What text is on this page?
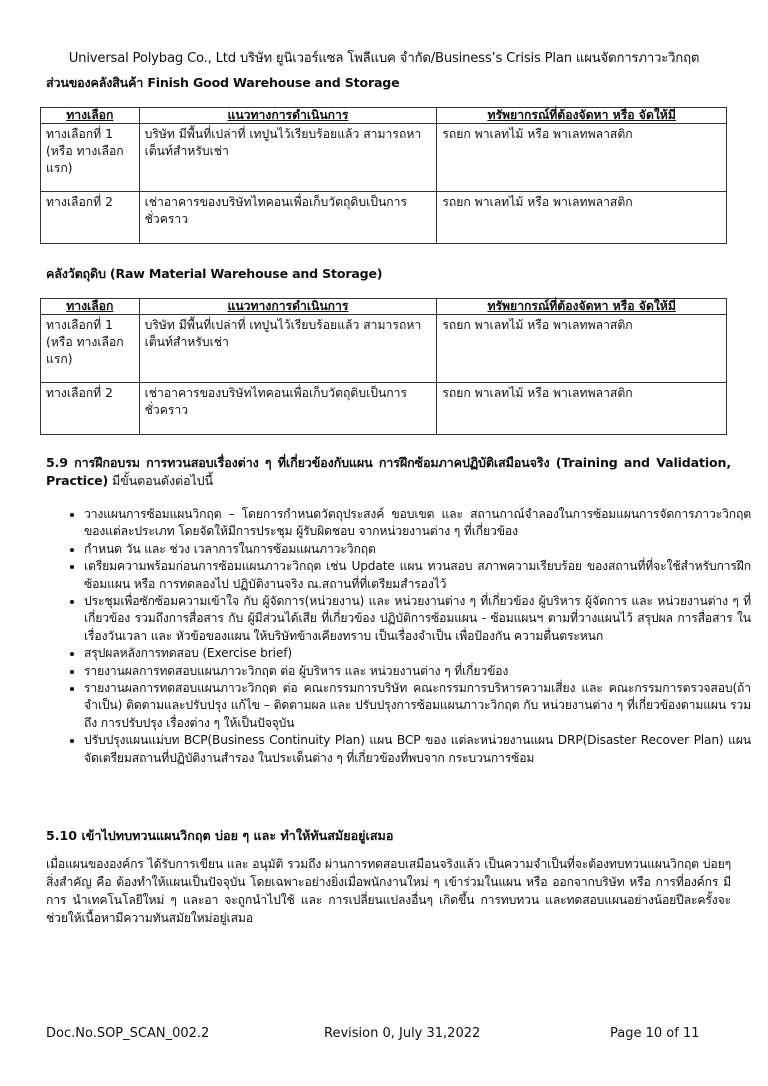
Universal Polybag Co., Ltd บริษัท ยูนิเวอร์แซล โพลีแบค จำกัด/Business’s Crisis Plan แผนจัดการภาวะวิกฤต
ส่วนของคลังสินค้า Finish Good Warehouse and Storage
ทางเลือก	แนวทางการดำเนินการ	ทรัพยากรณ์ที่ต้องจัดหา หรือ จัดให้มี
ทางเลือกที่ 1 (หรือ ทางเลือกแรก)	บริษัท มีพื้นที่เปล่าที่ เทปูนไว้เรียบร้อยแล้ว สามารถหาเต็นท์สำหรับเช่า	รถยก พาเลทไม้ หรือ พาเลทพลาสติก
ทางเลือกที่ 2	เช่าอาคารของบริษัทไทคอนเพื่อเก็บวัตถุดิบเป็นการชั่วคราว	รถยก พาเลทไม้ หรือ พาเลทพลาสติก
คลังวัตถุดิบ (Raw Material Warehouse and Storage)
ทางเลือก	แนวทางการดำเนินการ	ทรัพยากรณ์ที่ต้องจัดหา หรือ จัดให้มี
ทางเลือกที่ 1 (หรือ ทางเลือกแรก)	บริษัท มีพื้นที่เปล่าที่ เทปูนไว้เรียบร้อยแล้ว สามารถหาเต็นท์สำหรับเช่า	รถยก พาเลทไม้ หรือ พาเลทพลาสติก
ทางเลือกที่ 2	เช่าอาคารของบริษัทไทคอนเพื่อเก็บวัตถุดิบเป็นการชั่วคราว	รถยก พาเลทไม้ หรือ พาเลทพลาสติก
5.9 การฝึกอบรม การทวนสอบเรื่องต่าง ๆ ที่เกี่ยวข้องกับแผน การฝึกซ้อมภาคปฏิบัติเสมือนจริง (Training and Validation, Practice) มีขั้นตอนดังต่อไปนี้
• วางแผนการซ้อมแผนวิกฤต – โดยการกำหนดวัตถุประสงค์ ขอบเขต และ สถานกาณ์จำลองในการซ้อมแผนการจัดการภาวะวิกฤตของแต่ละประเภท โดยจัดให้มีการประชุม ผู้รับผิดชอบ จากหน่วยงานต่าง ๆ ที่เกี่ยวข้อง
• กำหนด วัน และ ช่วง เวลาการในการซ้อมแผนภาวะวิกฤต
• เตรียมความพร้อมก่อนการซ้อมแผนภาวะวิกฤต เช่น Update แผน ทวนสอบ สภาพความเรียบร้อย ของสถานที่ที่จะใช้สำหรับการฝึกซ้อมแผน หรือ การทดลองไป ปฏิบัติงานจริง ณ.สถานที่ที่เตรียมสำรองไว้
• ประชุมเพื่อซักซ้อมความเข้าใจ กับ ผู้จัดการ(หน่วยงาน) และ หน่วยงานต่าง ๆ ที่เกี่ยวข้อง ผู้บริหาร ผู้จัดการ และ หน่วยงานต่าง ๆ ที่เกี่ยวข้อง รวมถึงการสื่อสาร กับ ผู้มีส่วนได้เสีย ที่เกี่ยวข้อง ปฏิบัติการซ้อมแผน - ซ้อมแผนฯ ตามที่วางแผนไว้ สรุปผล การสื่อสาร ในเรื่องวันเวลา และ หัวข้อของแผน ให้บริษัทข้างเคียงทราบ เป็นเรื่องจำเป็น เพื่อป้องกัน ความตื่นตระหนก
• สรุปผลหลังการทดสอบ (Exercise brief)
• รายงานผลการทดสอบแผนภาวะวิกฤต ต่อ ผู้บริหาร และ หน่วยงานต่าง ๆ ที่เกี่ยวข้อง
• รายงานผลการทดสอบแผนภาวะวิกฤต ต่อ คณะกรรมการบริษัท คณะกรรมการบริหารความเสี่ยง และ คณะกรรมการตรวจสอบ(ถ้าจำเป็น) ติดตามและปรับปรุง แก้ไข – ติดตามผล และ ปรับปรุงการซ้อมแผนภาวะวิกฤต กับ หน่วยงานต่าง ๆ ที่เกี่ยวข้องตามแผน รวมถึง การปรับปรุง เรื่องต่าง ๆ ให้เป็นปัจจุบัน
• ปรับปรุงแผนแม่บท BCP(Business Continuity Plan) แผน BCP ของ แต่ละหน่วยงานแผน DRP(Disaster Recover Plan) แผนจัดเตรียมสถานที่ปฏิบัติงานสำรอง ในประเด็นต่าง ๆ ที่เกี่ยวข้องที่พบจาก กระบวนการซ้อม
5.10 เข้าไปทบทวนแผนวิกฤต บ่อย ๆ และ ทำให้ทันสมัยอยู่เสมอ
เมื่อแผนขององค์กร ได้รับการเขียน และ อนุมัติ รวมถึง ผ่านการทดสอบเสมือนจริงแล้ว เป็นความจำเป็นที่จะต้องทบทวนแผนวิกฤต บ่อยๆ สิ่งสำคัญ คือ ต้องทำให้แผนเป็นปัจจุบัน โดยเฉพาะอย่างยิ่งเมื่อพนักงานใหม่ ๆ เข้าร่วมในแผน หรือ ออกจากบริษัท หรือ การที่องค์กร มีการ นำเทคโนโลยีใหม่ ๆ และอา จะถูกนำไปใช้ และ การเปลี่ยนแปลงอื่นๆ เกิดขึ้น การทบทวน และทดสอบแผนอย่างน้อยปีละครั้งจะช่วยให้เนื้อหามีความทันสมัยใหม่อยู่เสมอ
Doc.No.SOP_SCAN_002.2	Revision 0, July 31,2022	Page 10 of 11
